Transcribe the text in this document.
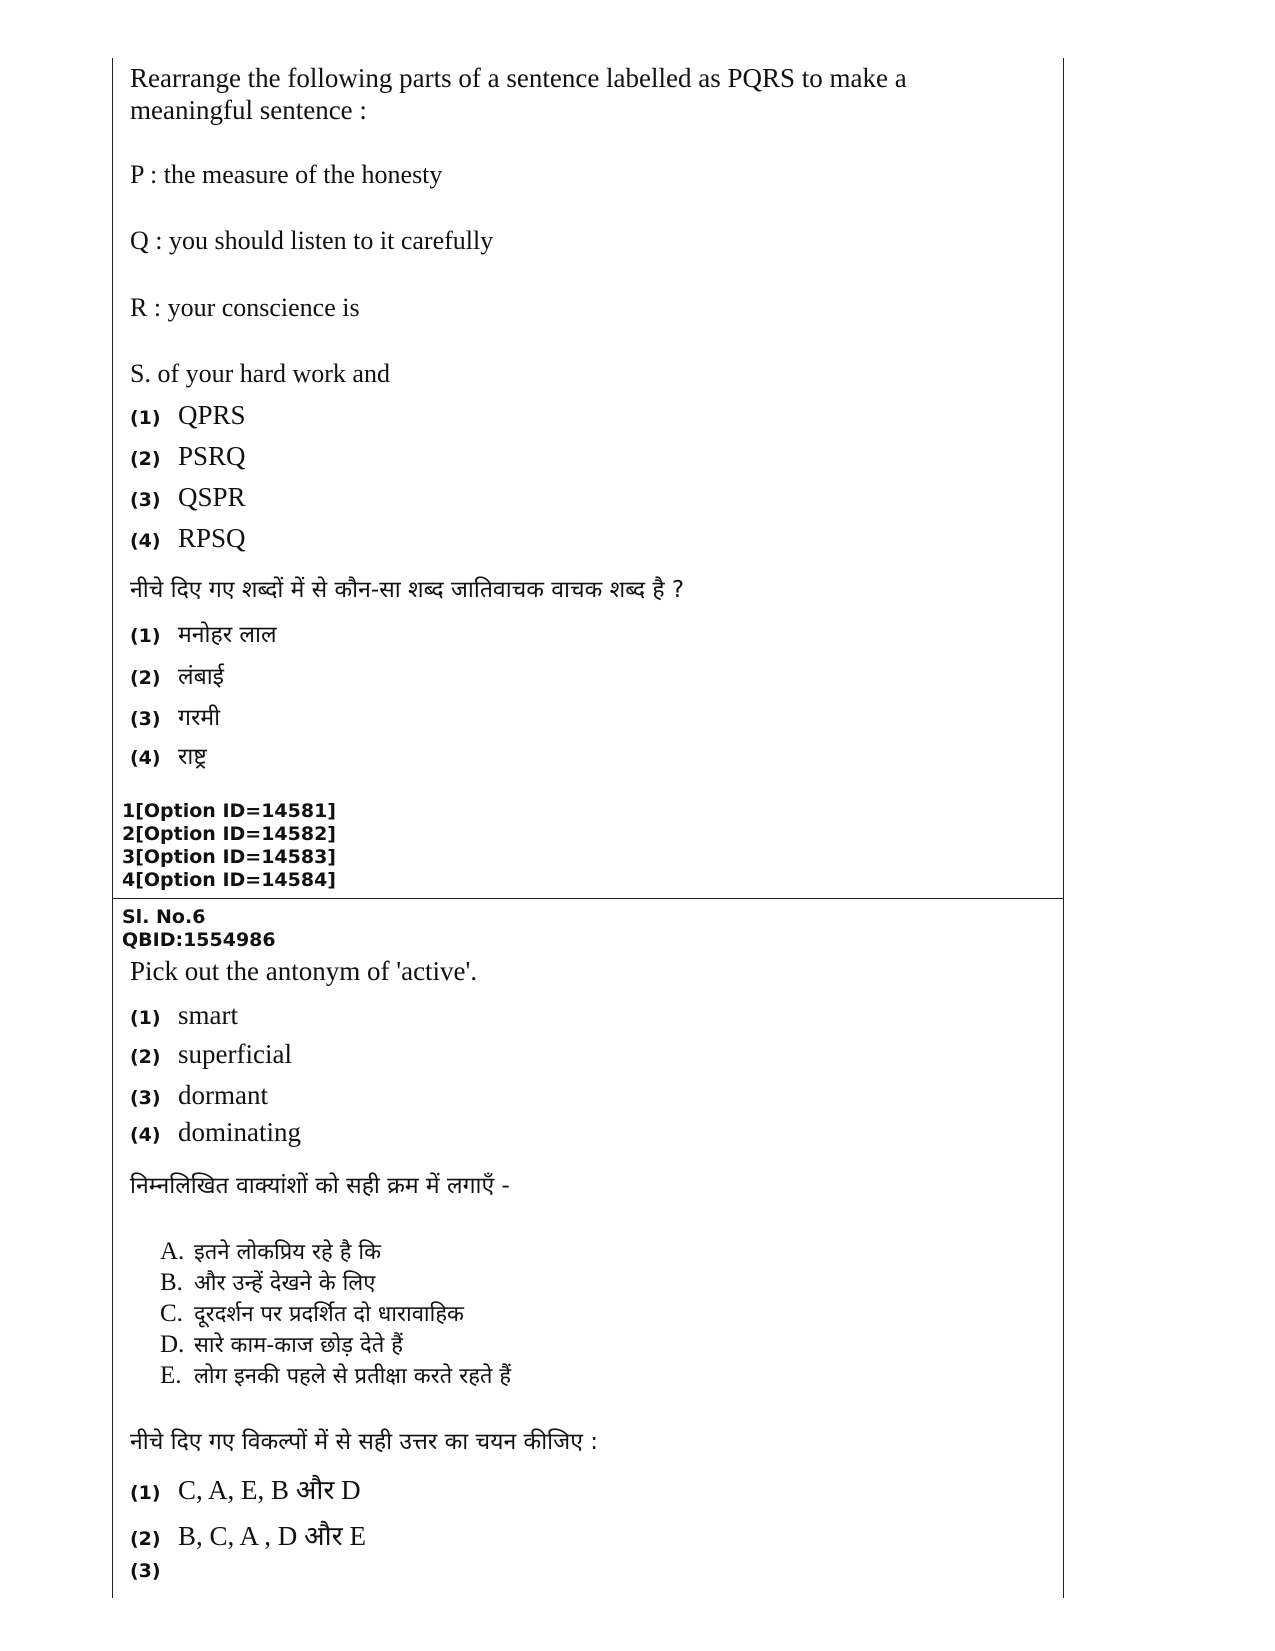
Rearrange the following parts of a sentence labelled as PQRS to make a
meaningful sentence :
P : the measure of the honesty
Q : you should listen to it carefully
R : your conscience is
S. of your hard work and
(1) QPRS
(2) PSRQ
(3) QSPR
(4) RPSQ
नीचे दिए गए शब्दों में से कौन-सा शब्द जातिवाचक वाचक शब्द है ?
(1) मनोहर लाल
(2) लंबाई
(3) गरमी
(4) राष्ट्र
1[Option ID=14581]
2[Option ID=14582]
3[Option ID=14583]
4[Option ID=14584]
Sl. No.6
QBID:1554986
Pick out the antonym of 'active'.
(1) smart
(2) superficial
(3) dormant
(4) dominating
निम्नलिखित वाक्यांशों को सही क्रम में लगाएँ -
A. इतने लोकप्रिय रहे है कि
B. और उन्हें देखने के लिए
C. दूरदर्शन पर प्रदर्शित दो धारावाहिक
D. सारे काम-काज छोड़ देते हैं
E. लोग इनकी पहले से प्रतीक्षा करते रहते हैं
नीचे दिए गए विकल्पों में से सही उत्तर का चयन कीजिए :
(1) C, A, E, B और D
(2) B, C, A , D और E
(3)
